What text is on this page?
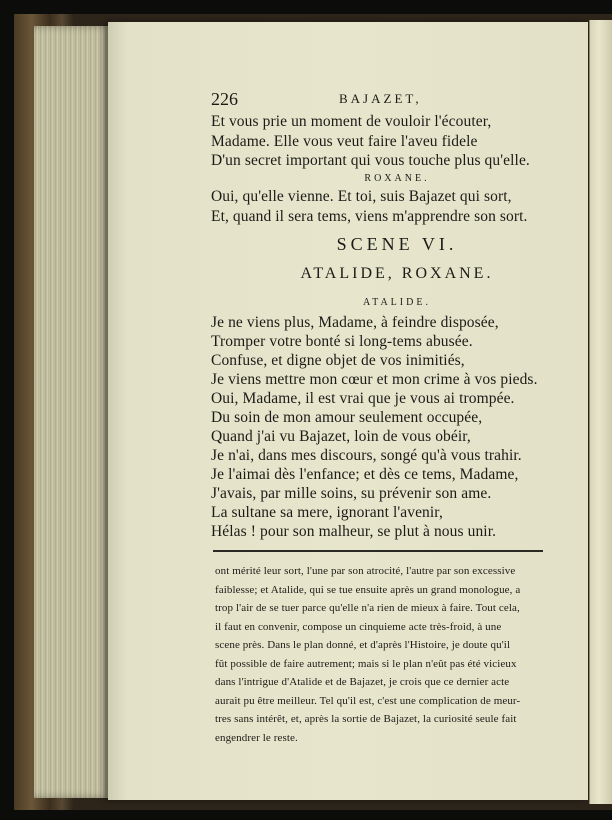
226	BAJAZET,
Et vous prie un moment de vouloir l'écouter,
Madame. Elle vous veut faire l'aveu fidele
D'un secret important qui vous touche plus qu'elle.
ROXANE.
Oui, qu'elle vienne. Et toi, suis Bajazet qui sort,
Et, quand il sera tems, viens m'apprendre son sort.
SCENE VI.
ATALIDE, ROXANE.
ATALIDE.
Je ne viens plus, Madame, à feindre disposée,
Tromper votre bonté si long-tems abusée.
Confuse, et digne objet de vos inimitiés,
Je viens mettre mon cœur et mon crime à vos pieds.
Oui, Madame, il est vrai que je vous ai trompée.
Du soin de mon amour seulement occupée,
Quand j'ai vu Bajazet, loin de vous obéir,
Je n'ai, dans mes discours, songé qu'à vous trahir.
Je l'aimai dès l'enfance; et dès ce tems, Madame,
J'avais, par mille soins, su prévenir son ame.
La sultane sa mere, ignorant l'avenir,
Hélas ! pour son malheur, se plut à nous unir.
ont mérité leur sort, l'une par son atrocité, l'autre par son excessive
faiblesse; et Atalide, qui se tue ensuite après un grand monologue, a
trop l'air de se tuer parce qu'elle n'a rien de mieux à faire. Tout cela,
il faut en convenir, compose un cinquieme acte très-froid, à une
scene près. Dans le plan donné, et d'après l'Histoire, je doute qu'il
fût possible de faire autrement; mais si le plan n'eût pas été vicieux
dans l'intrigue d'Atalide et de Bajazet, je crois que ce dernier acte
aurait pu être meilleur. Tel qu'il est, c'est une complication de meur-
tres sans intérêt, et, après la sortie de Bajazet, la curiosité seule fait
engendrer le reste.
